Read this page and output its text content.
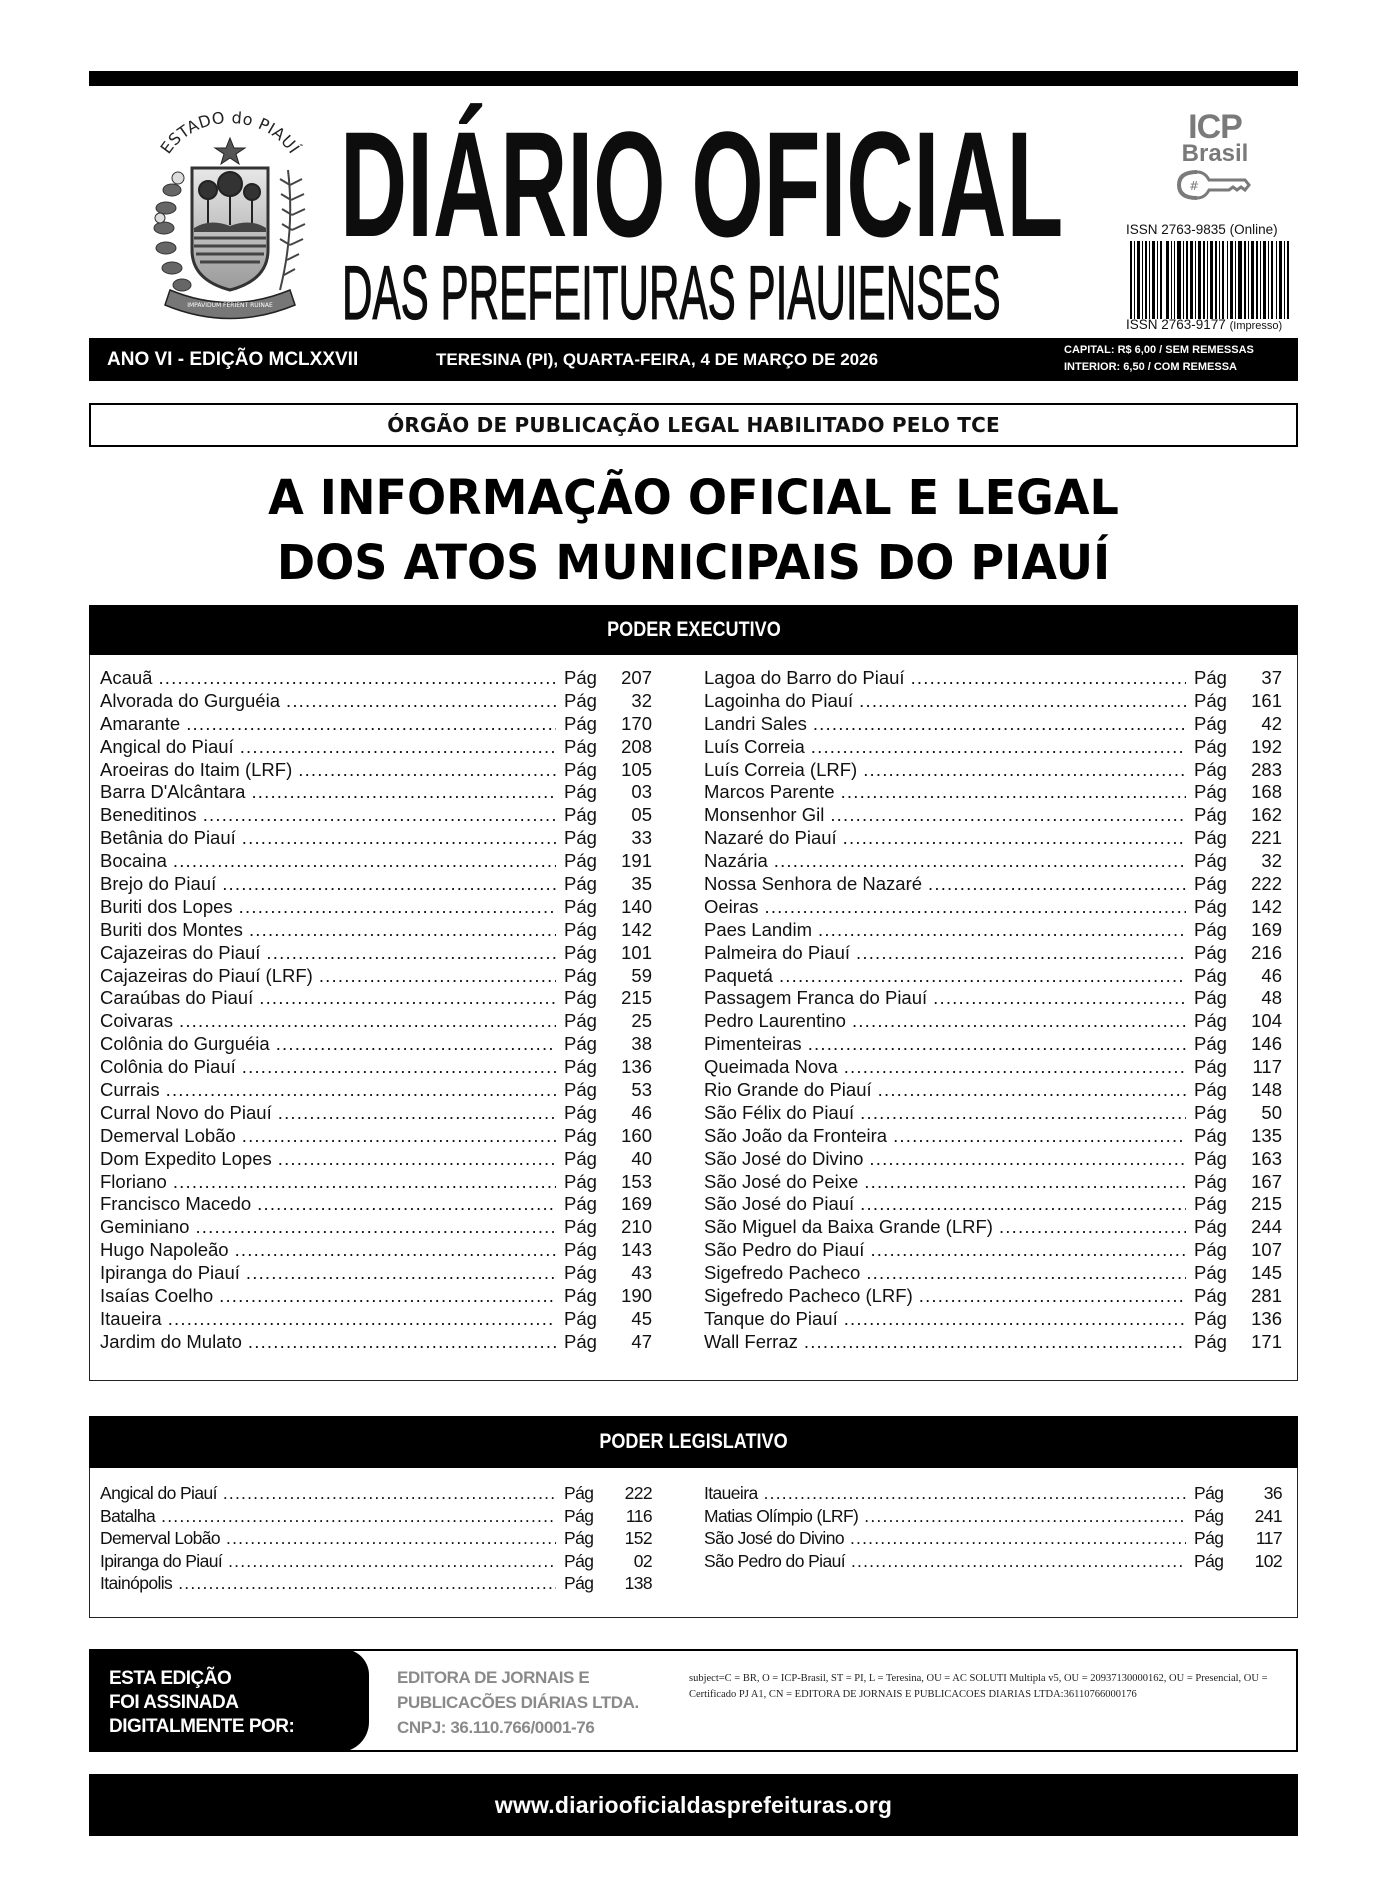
ESTADO do PIAUÍ
IMPAVIDUM FERIENT RUINAE
DIÁRIO OFICIAL
DAS PREFEITURAS PIAUIENSES
ICP
Brasil
#
ISSN 2763-9835 (Online)
ISSN 2763-9177 (Impresso)
ANO VI - EDIÇÃO MCLXXVII	TERESINA (PI), QUARTA-FEIRA, 4 DE MARÇO DE 2026	CAPITAL: R$ 6,00 / SEM REMESSAS
INTERIOR: 6,50 / COM REMESSA
ÓRGÃO DE PUBLICAÇÃO LEGAL HABILITADO PELO TCE
A INFORMAÇÃO OFICIAL E LEGAL
DOS ATOS MUNICIPAIS DO PIAUÍ
PODER EXECUTIVO
Acauã .....	Pág	207
Alvorada do Gurguéia .....	Pág	32
Amarante .....	Pág	170
Angical do Piauí .....	Pág	208
Aroeiras do Itaim (LRF) .....	Pág	105
Barra D'Alcântara .....	Pág	03
Beneditinos .....	Pág	05
Betânia do Piauí .....	Pág	33
Bocaina .....	Pág	191
Brejo do Piauí .....	Pág	35
Buriti dos Lopes .....	Pág	140
Buriti dos Montes .....	Pág	142
Cajazeiras do Piauí .....	Pág	101
Cajazeiras do Piauí (LRF) .....	Pág	59
Caraúbas do Piauí .....	Pág	215
Coivaras .....	Pág	25
Colônia do Gurguéia .....	Pág	38
Colônia do Piauí .....	Pág	136
Currais .....	Pág	53
Curral Novo do Piauí .....	Pág	46
Demerval Lobão .....	Pág	160
Dom Expedito Lopes .....	Pág	40
Floriano .....	Pág	153
Francisco Macedo .....	Pág	169
Geminiano .....	Pág	210
Hugo Napoleão .....	Pág	143
Ipiranga do Piauí .....	Pág	43
Isaías Coelho .....	Pág	190
Itaueira .....	Pág	45
Jardim do Mulato .....	Pág	47
Lagoa do Barro do Piauí .....	Pág	37
Lagoinha do Piauí .....	Pág	161
Landri Sales .....	Pág	42
Luís Correia .....	Pág	192
Luís Correia (LRF) .....	Pág	283
Marcos Parente .....	Pág	168
Monsenhor Gil .....	Pág	162
Nazaré do Piauí .....	Pág	221
Nazária .....	Pág	32
Nossa Senhora de Nazaré .....	Pág	222
Oeiras .....	Pág	142
Paes Landim .....	Pág	169
Palmeira do Piauí .....	Pág	216
Paquetá .....	Pág	46
Passagem Franca do Piauí .....	Pág	48
Pedro Laurentino .....	Pág	104
Pimenteiras .....	Pág	146
Queimada Nova .....	Pág	117
Rio Grande do Piauí .....	Pág	148
São Félix do Piauí .....	Pág	50
São João da Fronteira .....	Pág	135
São José do Divino .....	Pág	163
São José do Peixe .....	Pág	167
São José do Piauí .....	Pág	215
São Miguel da Baixa Grande (LRF) .....	Pág	244
São Pedro do Piauí .....	Pág	107
Sigefredo Pacheco .....	Pág	145
Sigefredo Pacheco (LRF) .....	Pág	281
Tanque do Piauí .....	Pág	136
Wall Ferraz .....	Pág	171
PODER LEGISLATIVO
Angical do Piauí .....	Pág	222
Batalha .....	Pág	116
Demerval Lobão .....	Pág	152
Ipiranga do Piauí .....	Pág	02
Itainópolis .....	Pág	138
Itaueira .....	Pág	36
Matias Olímpio (LRF) .....	Pág	241
São José do Divino .....	Pág	117
São Pedro do Piauí .....	Pág	102
ESTA EDIÇÃO
FOI ASSINADA
DIGITALMENTE POR:
EDITORA DE JORNAIS E
PUBLICACÕES DIÁRIAS LTDA.
CNPJ: 36.110.766/0001-76
subject=C = BR, O = ICP-Brasil, ST = PI, L = Teresina, OU = AC SOLUTI Multipla v5, OU = 20937130000162, OU = Presencial, OU = Certificado PJ A1, CN = EDITORA DE JORNAIS E PUBLICACOES DIARIAS LTDA:36110766000176
www.diariooficialdasprefeituras.org
